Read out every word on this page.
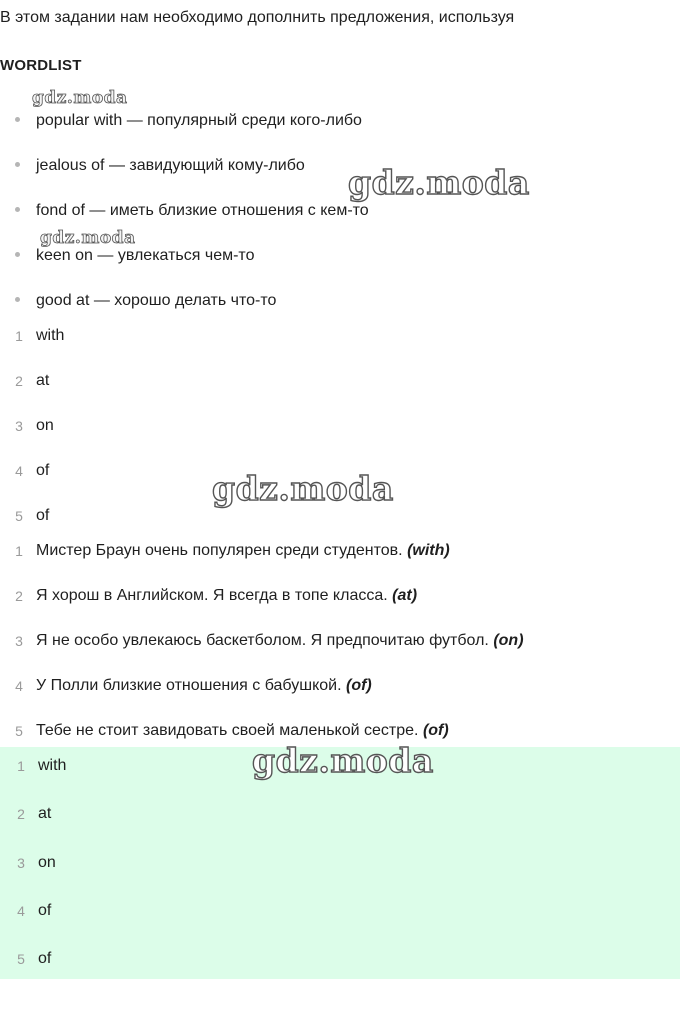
В этом задании нам необходимо дополнить предложения, используя
WORDLIST
popular with — популярный среди кого-либо
jealous of — завидующий кому-либо
fond of — иметь близкие отношения с кем-то
keen on — увлекаться чем-то
good at — хорошо делать что-то
1 with
2 at
3 on
4 of
5 of
1 Мистер Браун очень популярен среди студентов. (with)
2 Я хорош в Английском. Я всегда в топе класса. (at)
3 Я не особо увлекаюсь баскетболом. Я предпочитаю футбол. (on)
4 У Полли близкие отношения с бабушкой. (of)
5 Тебе не стоит завидовать своей маленькой сестре. (of)
1 with
2 at
3 on
4 of
5 of
gdz.moda
gdz.moda
gdz.moda
gdz.moda
gdz.moda
